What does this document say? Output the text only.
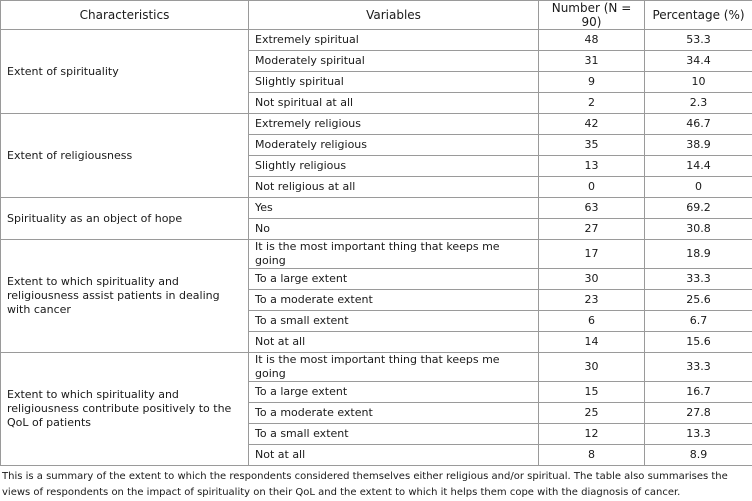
Characteristics	Variables	Number (N = 90)	Percentage (%)
Extent of spirituality	Extremely spiritual	48	53.3
	Moderately spiritual	31	34.4
	Slightly spiritual	9	10
	Not spiritual at all	2	2.3
Extent of religiousness	Extremely religious	42	46.7
	Moderately religious	35	38.9
	Slightly religious	13	14.4
	Not religious at all	0	0
Spirituality as an object of hope	Yes	63	69.2
	No	27	30.8
Extent to which spirituality and religiousness assist patients in dealing with cancer	It is the most important thing that keeps me going	17	18.9
	To a large extent	30	33.3
	To a moderate extent	23	25.6
	To a small extent	6	6.7
	Not at all	14	15.6
Extent to which spirituality and religiousness contribute positively to the QoL of patients	It is the most important thing that keeps me going	30	33.3
	To a large extent	15	16.7
	To a moderate extent	25	27.8
	To a small extent	12	13.3
	Not at all	8	8.9
This is a summary of the extent to which the respondents considered themselves either religious and/or spiritual. The table also summarises the views of respondents on the impact of spirituality on their QoL and the extent to which it helps them cope with the diagnosis of cancer.
